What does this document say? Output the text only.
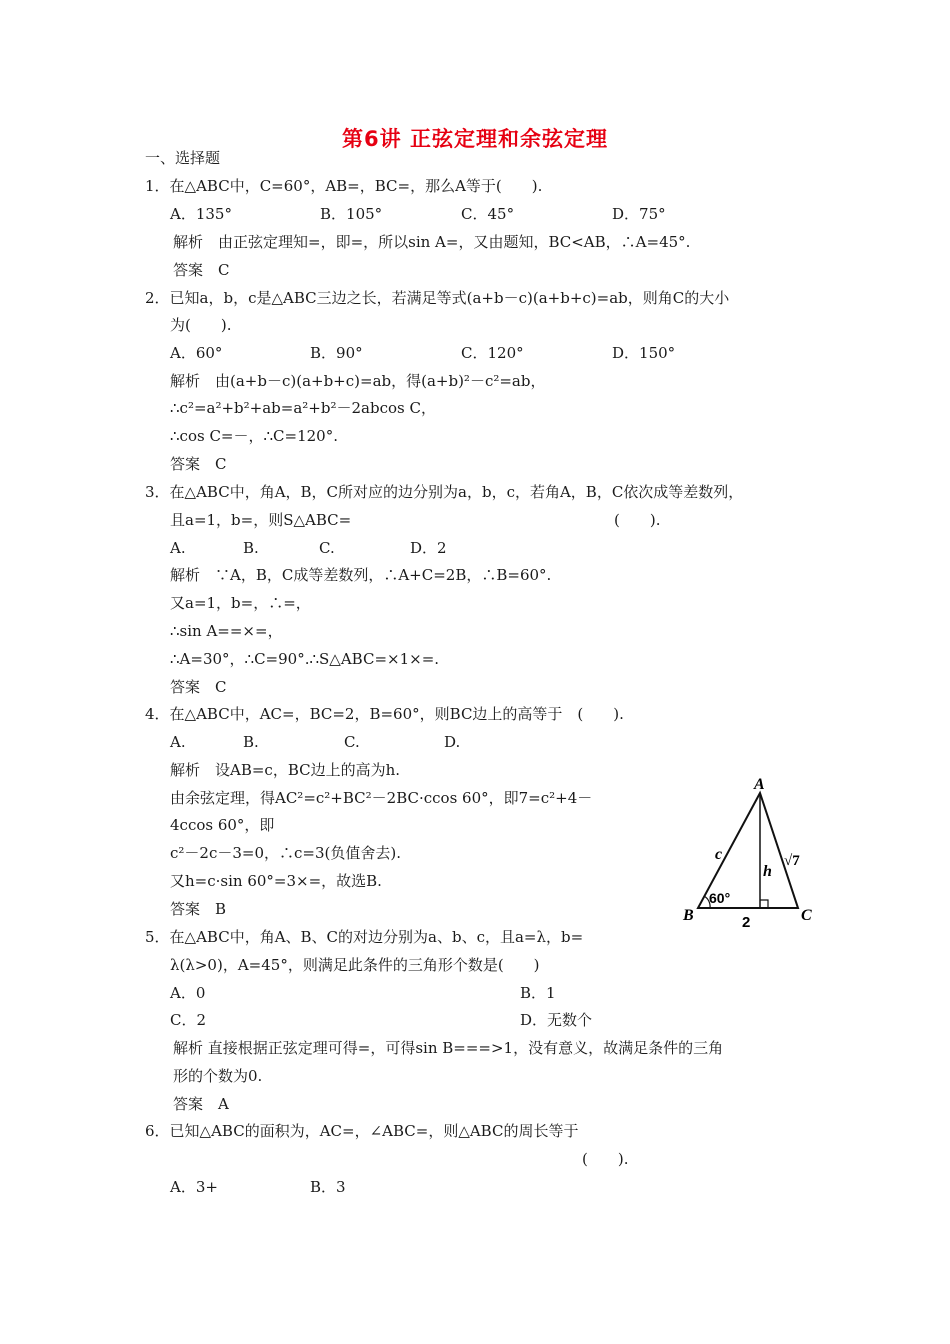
第6讲 正弦定理和余弦定理
一、选择题
1．在△ABC中，C=60°，AB=，BC=，那么A等于(　　).
解析　由正弦定理知=，即=，所以sin A=，又由题知，BC<AB，∴A=45°.
答案　C
2．已知a，b，c是△ABC三边之长，若满足等式(a+b－c)(a+b+c)=ab，则角C的大小
为(　　).
解析　由(a+b－c)(a+b+c)=ab，得(a+b)²－c²=ab，
∴c²=a²+b²+ab=a²+b²－2abcos C，
∴cos C=－，∴C=120°.
答案　C
3．在△ABC中，角A，B，C所对应的边分别为a，b，c，若角A，B，C依次成等差数列，
且a=1，b=，则S△ABC=	(　　).
解析　∵A，B，C成等差数列，∴A+C=2B，∴B=60°.
又a=1，b=，∴=，
∴sin A==×=，
∴A=30°，∴C=90°.∴S△ABC=×1×=.
答案　C
4．在△ABC中，AC=，BC=2，B=60°，则BC边上的高等于　(　　).
解析　设AB=c，BC边上的高为h.
由余弦定理，得AC²=c²+BC²－2BC·ccos 60°，即7=c²+4－
4ccos 60°，即
c²－2c－3=0，∴c=3(负值舍去).
又h=c·sin 60°=3×=，故选B.
答案　B
5．在△ABC中，角A、B、C的对边分别为a、b、c，且a=λ，b=
λ(λ>0)，A=45°，则满足此条件的三角形个数是(　　)
解析 直接根据正弦定理可得=，可得sin B===>1，没有意义，故满足条件的三角
形的个数为0.
答案　A
6．已知△ABC的面积为，AC=，∠ABC=，则△ABC的周长等于
(　　).
A．135°	B．105°	C．45°	D．75°
A．60°	B．90°	C．120°	D．150°
A.	B.	C.	D．2
A.	B.	C.	D.
A．0	B．1
C．2	D．无数个
A．3+	B．3
A
B	C
c
h
√7
60°
2
